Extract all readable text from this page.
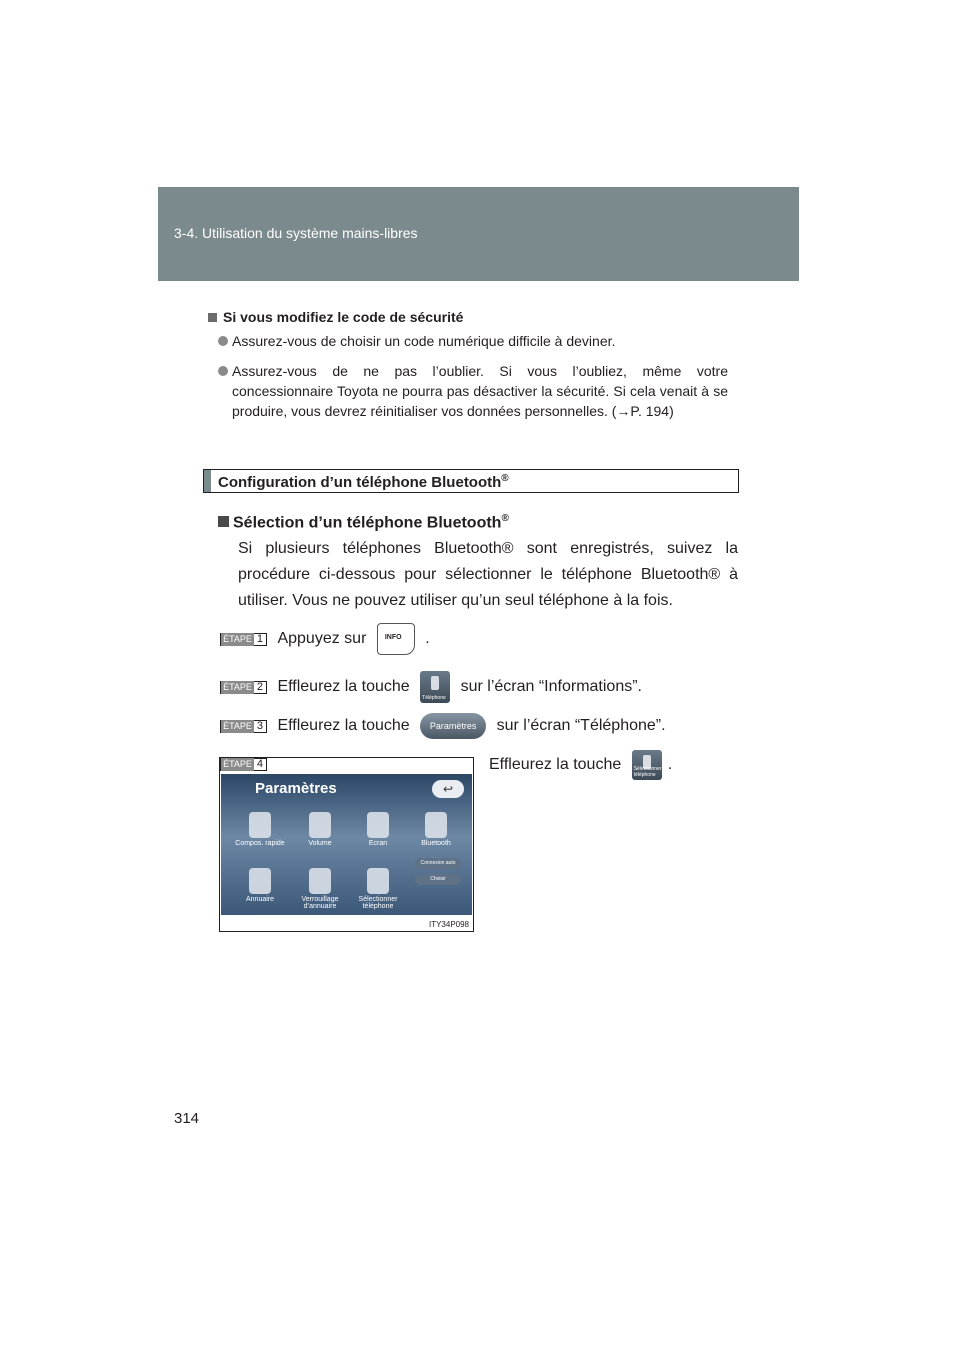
3-4. Utilisation du système mains-libres
Si vous modifiez le code de sécurité
Assurez-vous de choisir un code numérique difficile à deviner.
Assurez-vous de ne pas l’oublier. Si vous l’oubliez, même votre concessionnaire Toyota ne pourra pas désactiver la sécurité. Si cela venait à se produire, vous devrez réinitialiser vos données personnelles. (→P. 194)
Configuration d’un téléphone Bluetooth®
Sélection d’un téléphone Bluetooth®
Si plusieurs téléphones Bluetooth® sont enregistrés, suivez la procédure ci-dessous pour sélectionner le téléphone Bluetooth® à utiliser. Vous ne pouvez utiliser qu’un seul téléphone à la fois.
ÉTAPE 1 Appuyez sur	INFO .
ÉTAPE 2 Effleurez la touche
Téléphone
sur l’écran “Informations”.
ÉTAPE 3 Effleurez la touche Paramètres sur l’écran “Téléphone”.
ÉTAPE 4
Paramètres	↩
Compos. rapide	Volume	Ecran	Bluetooth
Connexion auto
Choisir
Annuaire	Verrouillage d’annuaire
Sélectionner téléphone
ITY34P098
Effleurez la touche Sélectionner téléphone
.
314
